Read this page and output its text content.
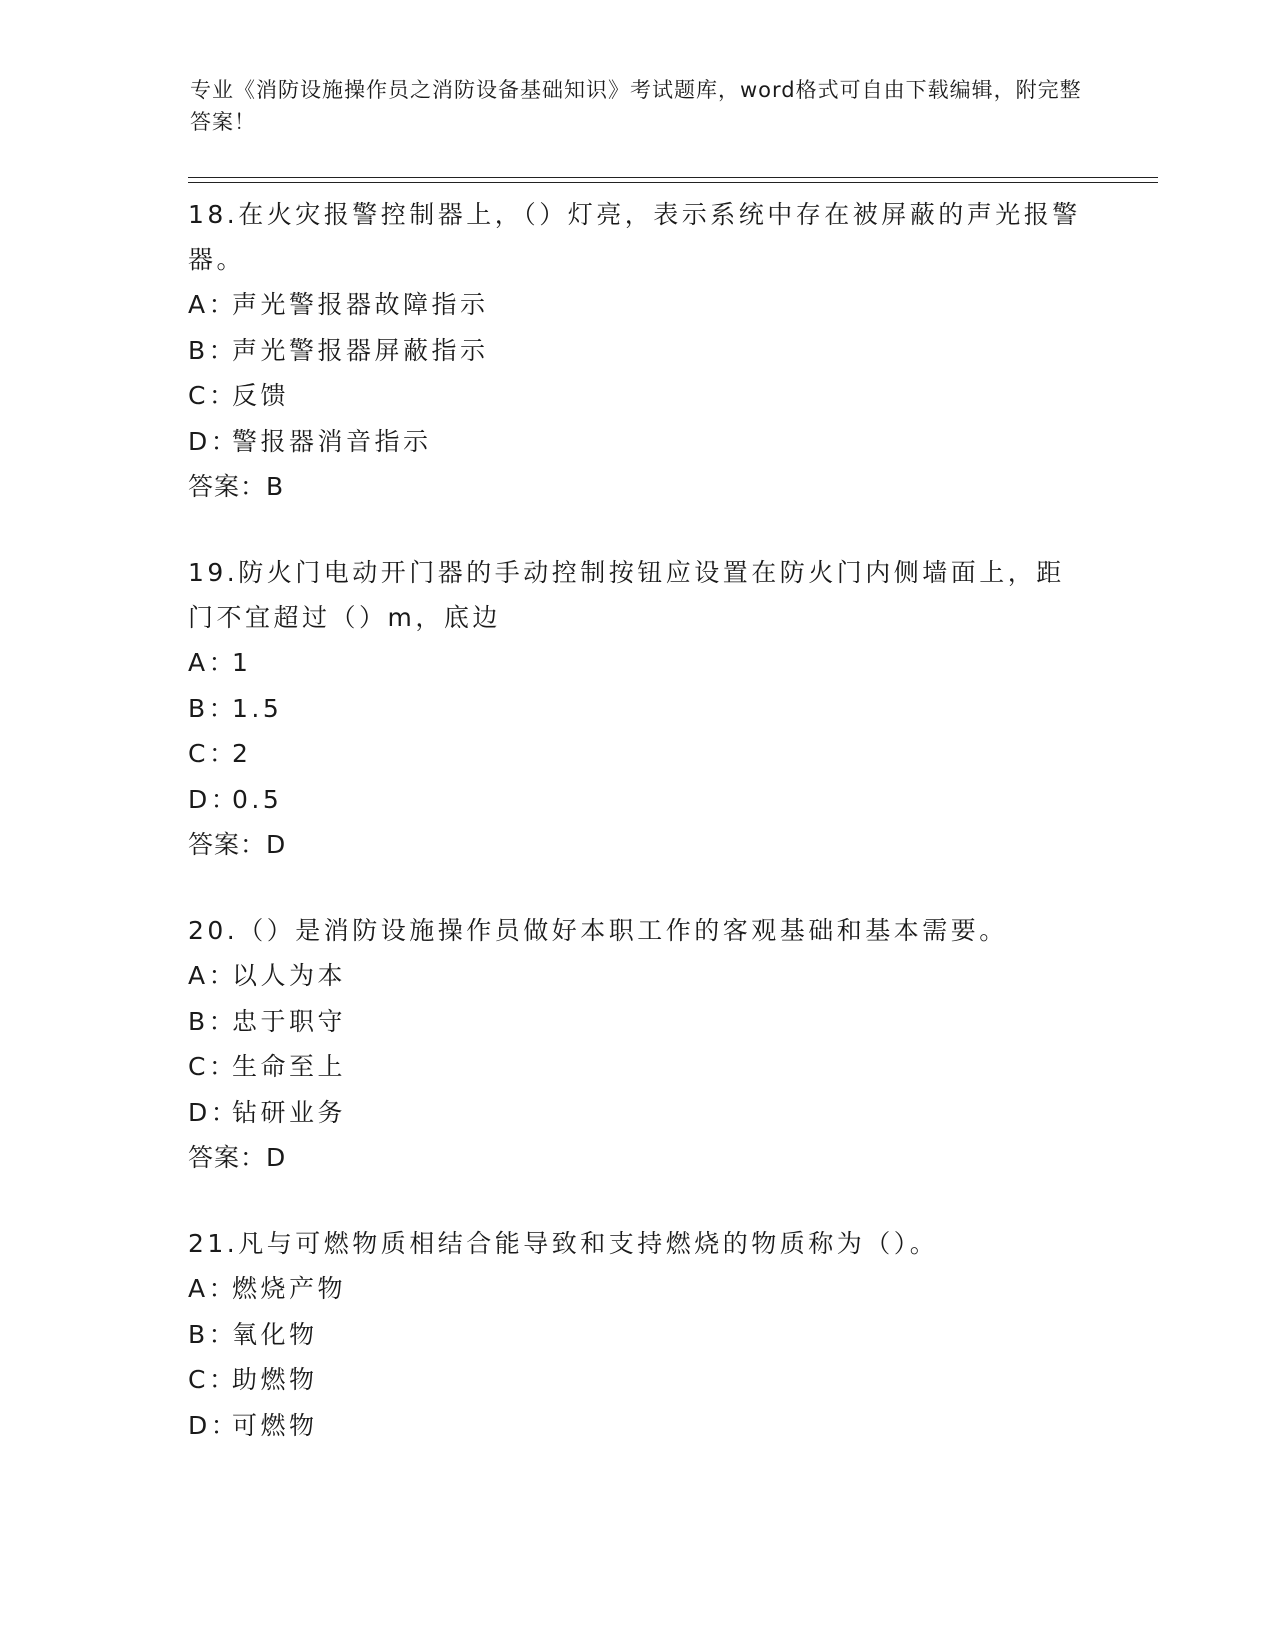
专业《消防设施操作员之消防设备基础知识》考试题库，word格式可自由下载编辑，附完整答案！

18.在火灾报警控制器上，（）灯亮，表示系统中存在被屏蔽的声光报警器。

A：
声光警报器故障指示
B：
声光警报器屏蔽指示
C：
反馈
D：
警报器消音指示

答案：B

19.防火门电动开门器的手动控制按钮应设置在防火门内侧墙面上，距门不宜超过（）m，底边

A：
1
B：
1.5
C：
2
D：
0.5

答案：D

20.（）是消防设施操作员做好本职工作的客观基础和基本需要。

A：
以人为本
B：
忠于职守
C：
生命至上
D：
钻研业务

答案：D

21.凡与可燃物质相结合能导致和支持燃烧的物质称为（）。

A：
燃烧产物
B：
氧化物
C：
助燃物
D：
可燃物
